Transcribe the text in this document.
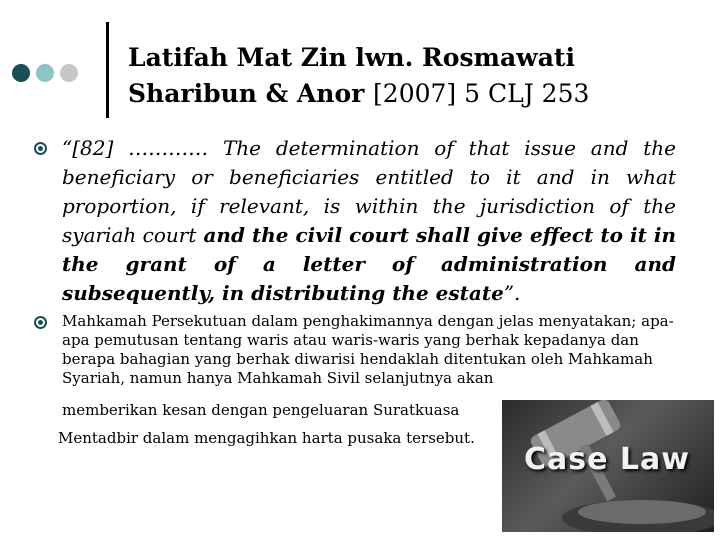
Latifah Mat Zin lwn. Rosmawati
Sharibun & Anor [2007] 5 CLJ 253
“[82] ………… The determination of that issue and the beneficiary or beneficiaries entitled to it and in what proportion, if relevant, is within the jurisdiction of the syariah court and the civil court shall give effect to it in the grant of a letter of administration and subsequently, in distributing the estate”.
Mahkamah Persekutuan dalam penghakimannya dengan jelas menyatakan; apa-
apa pemutusan tentang waris atau waris-waris yang berhak kepadanya dan
berapa bahagian yang berhak diwarisi hendaklah ditentukan oleh Mahkamah
Syariah, namun hanya Mahkamah Sivil selanjutnya akan
memberikan kesan dengan pengeluaran Suratkuasa
Mentadbir dalam mengagihkan harta pusaka tersebut.
Case Law
